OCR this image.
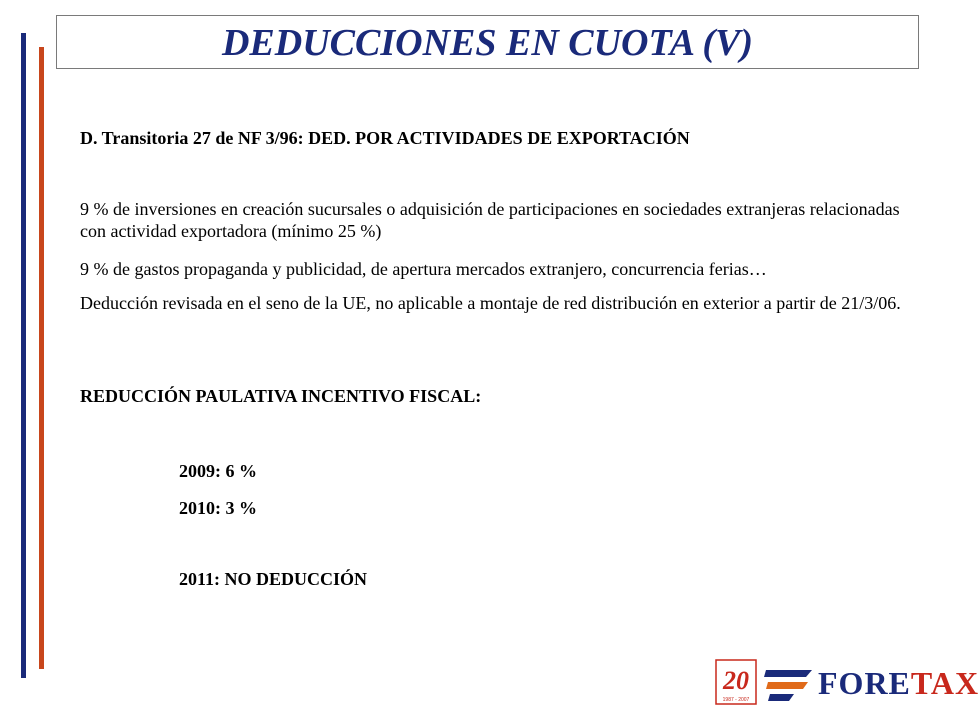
DEDUCCIONES EN CUOTA (V)
D. Transitoria 27 de NF 3/96: DED. POR ACTIVIDADES DE EXPORTACIÓN
9 % de inversiones en creación sucursales o adquisición de participaciones en sociedades extranjeras relacionadas con actividad exportadora (mínimo 25 %)
9 % de gastos propaganda y publicidad, de apertura mercados extranjero, concurrencia ferias…
Deducción revisada en el seno de la UE, no aplicable a montaje de red distribución en exterior a partir de 21/3/06.
REDUCCIÓN PAULATIVA INCENTIVO FISCAL:
2009: 6 %
2010: 3 %
2011: NO DEDUCCIÓN
20
1987 - 2007 FORETAX
